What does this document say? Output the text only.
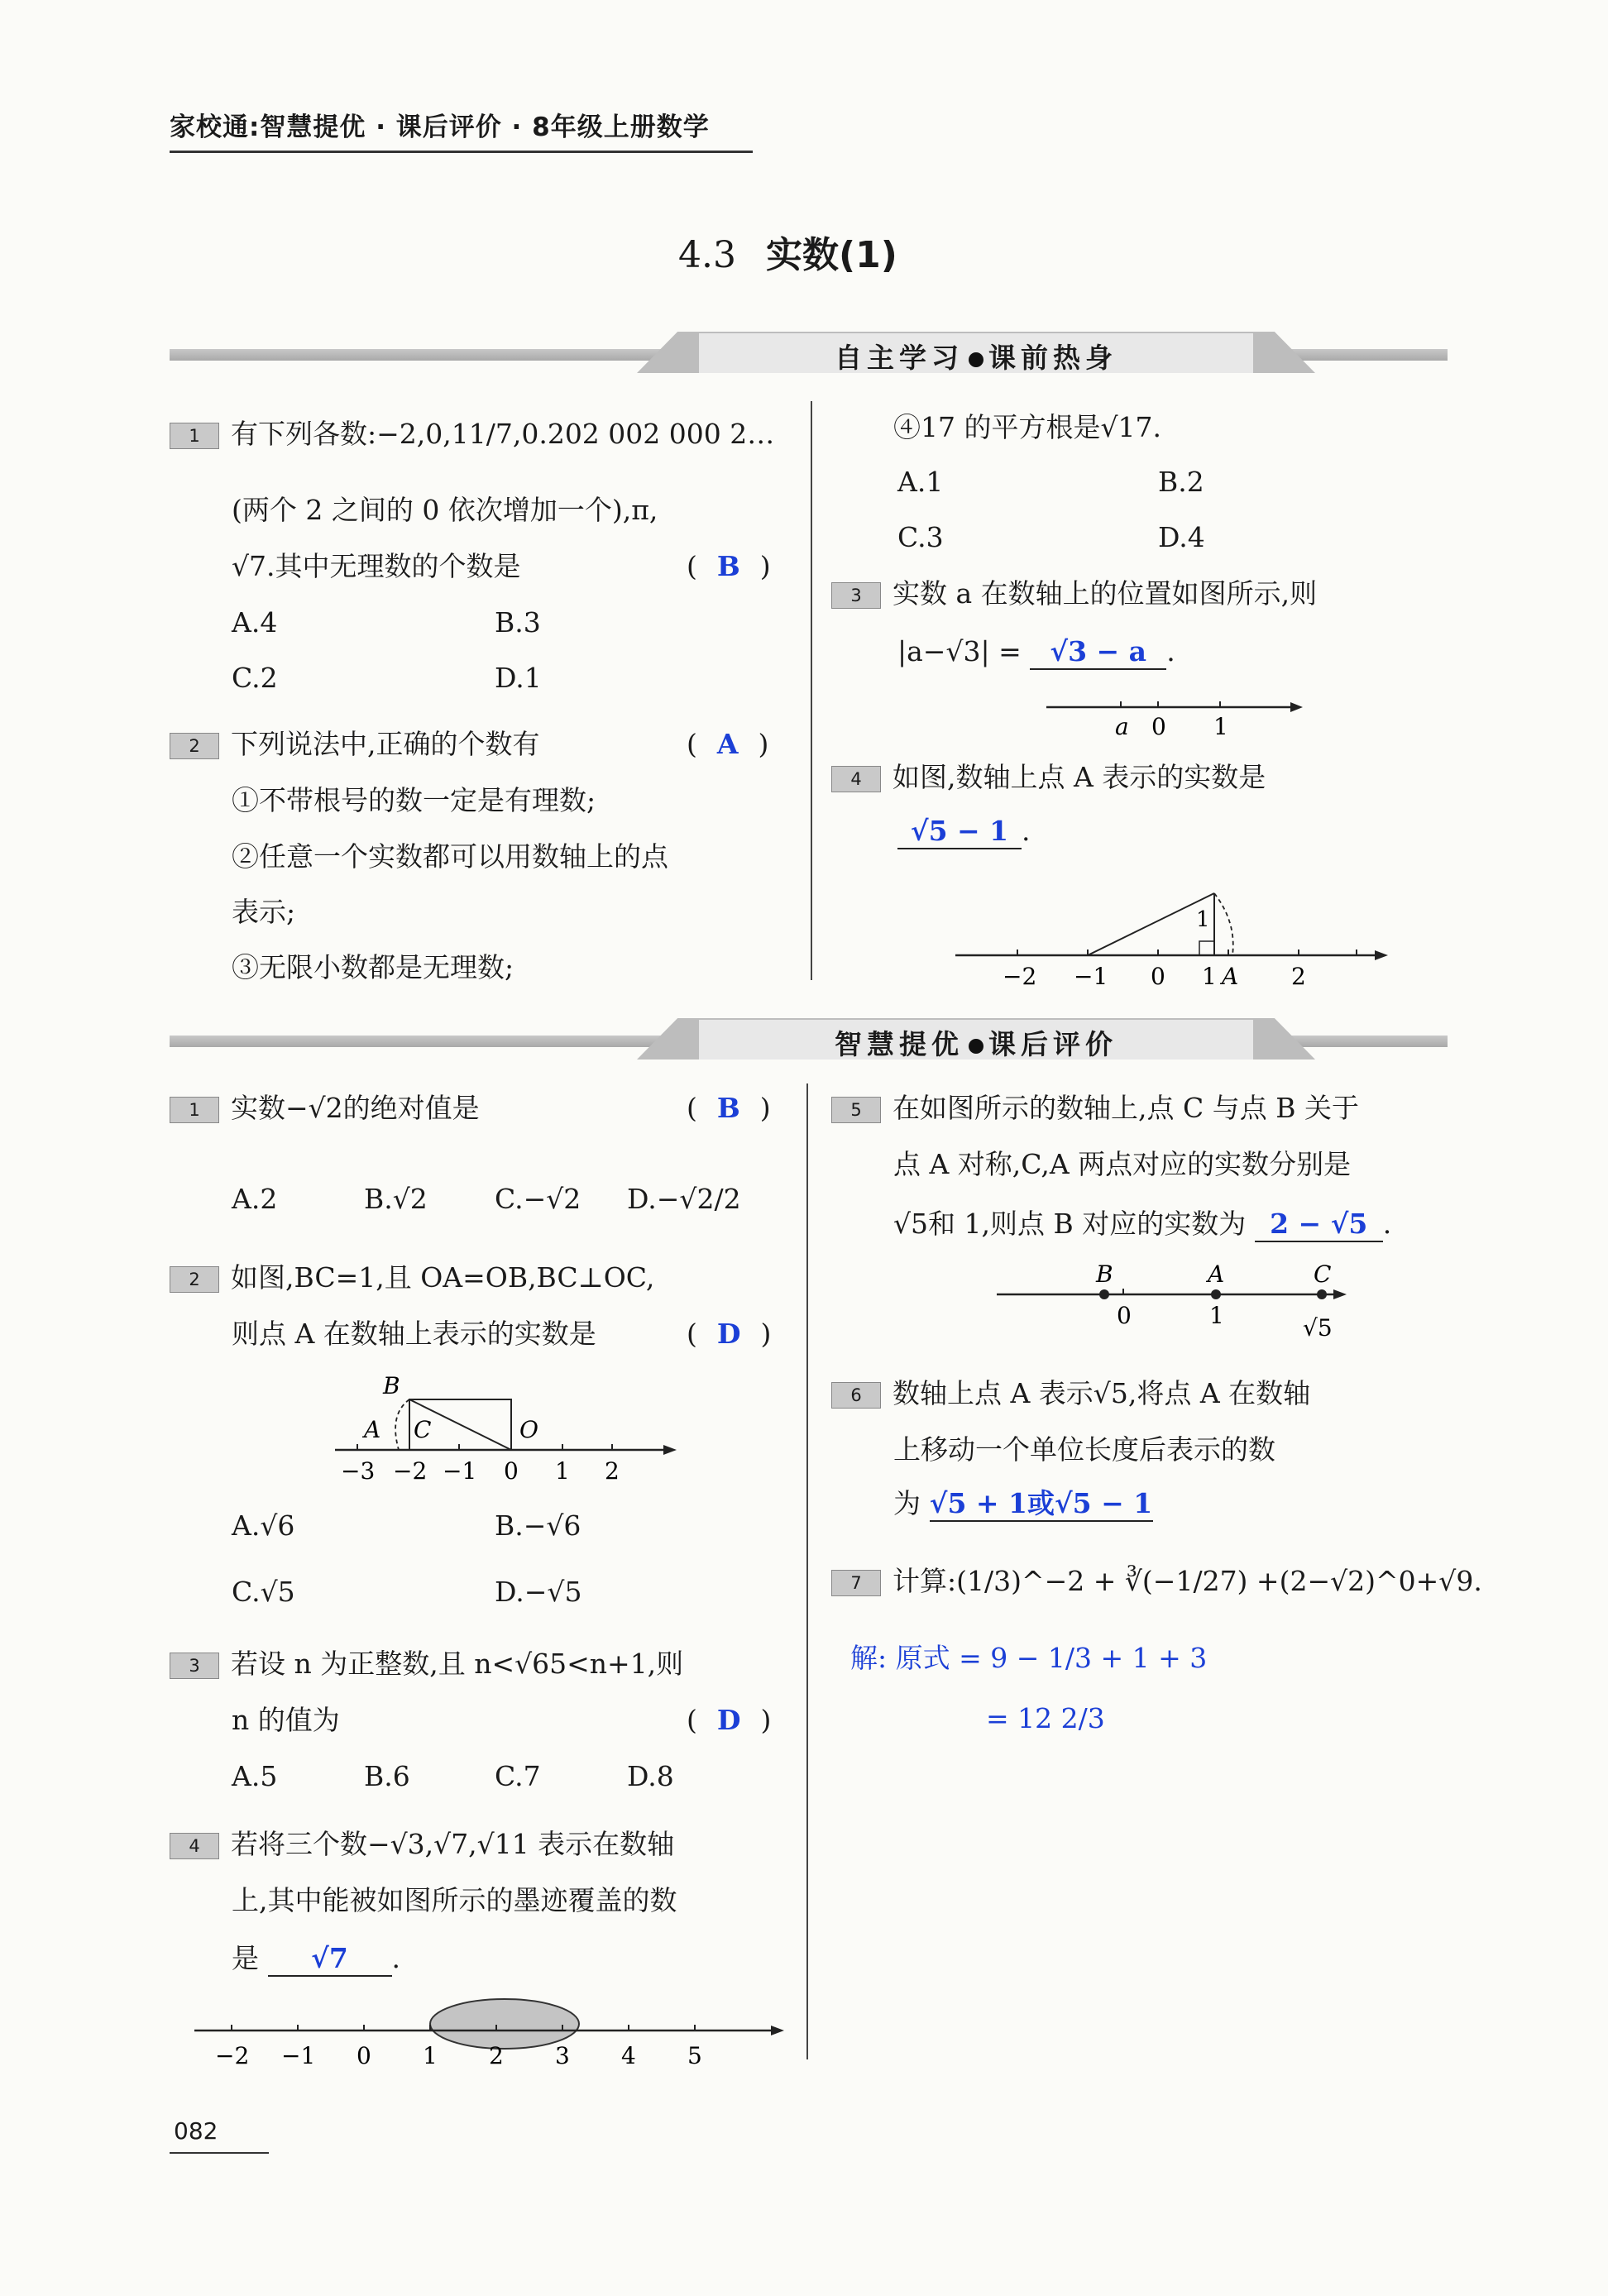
家校通:智慧提优 · 课后评价 · 8年级上册数学
4.3 实数(1)
自主学习 课前热身
1 有下列各数:−2,0,11/7,0.202 002 000 2…
(两个 2 之间的 0 依次增加一个),π,
√7.其中无理数的个数是	( B )
A.4	B.3
C.2	D.1
2 下列说法中,正确的个数有	( A )
①不带根号的数一定是有理数;
②任意一个实数都可以用数轴上的点
表示;
③无限小数都是无理数;
④17 的平方根是√17.
A.1	B.2
C.3	D.4
3 实数 a 在数轴上的位置如图所示,则
|a−√3| = √3 − a .
a 0 1
4 如图,数轴上点 A 表示的实数是
√5 − 1 .
1
−2 −1 0 1 A 2
智慧提优 课后评价
1 实数−√2的绝对值是	( B )
A.2	B.√2 C.−√2 D.−√2/2
2 如图,BC=1,且 OA=OB,BC⊥OC,
则点 A 在数轴上表示的实数是	( D )
B
A C	O
−3 −2 −1 0 1 2
A.√6	B.−√6
C.√5	D.−√5
3 若设 n 为正整数,且 n<√65<n+1,则
n 的值为	( D )
A.5	B.6	C.7	D.8
4 若将三个数−√3,√7,√11 表示在数轴
上,其中能被如图所示的墨迹覆盖的数
是 √7 .
−2 −1 0 1 2 3 4 5
5 在如图所示的数轴上,点 C 与点 B 关于
点 A 对称,C,A 两点对应的实数分别是
√5和 1,则点 B 对应的实数为 2 − √5 .
B	A	C
0	1	√5
6 数轴上点 A 表示√5,将点 A 在数轴
上移动一个单位长度后表示的数
为 √5 + 1或√5 − 1
7 计算:(1/3)^−2 + ∛(−1/27) +(2−√2)^0+√9.
解: 原式 = 9 − 1/3 + 1 + 3
= 12 2/3
082
